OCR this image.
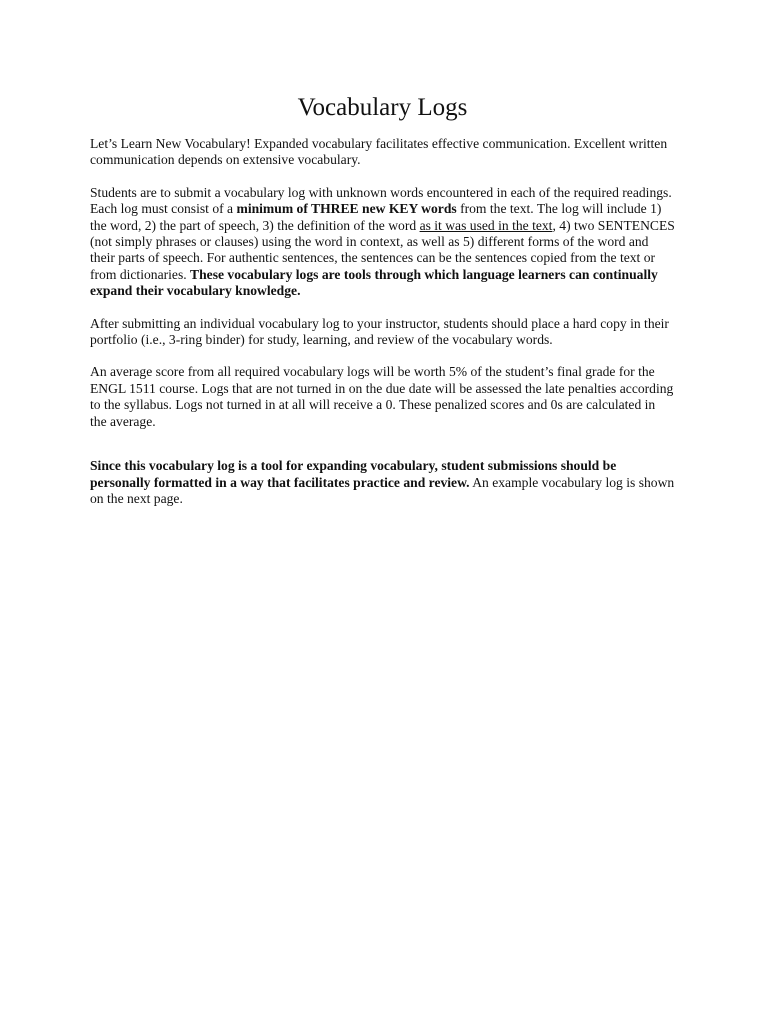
Vocabulary Logs

Let’s Learn New Vocabulary! Expanded vocabulary facilitates effective communication. Excellent written communication depends on extensive vocabulary.

Students are to submit a vocabulary log with unknown words encountered in each of the required readings. Each log must consist of a minimum of THREE new KEY words from the text. The log will include 1) the word, 2) the part of speech, 3) the definition of the word as it was used in the text, 4) two SENTENCES (not simply phrases or clauses) using the word in context, as well as 5) different forms of the word and their parts of speech. For authentic sentences, the sentences can be the sentences copied from the text or from dictionaries. These vocabulary logs are tools through which language learners can continually expand their vocabulary knowledge.

After submitting an individual vocabulary log to your instructor, students should place a hard copy in their portfolio (i.e., 3-ring binder) for study, learning, and review of the vocabulary words.

An average score from all required vocabulary logs will be worth 5% of the student’s final grade for the ENGL 1511 course. Logs that are not turned in on the due date will be assessed the late penalties according to the syllabus. Logs not turned in at all will receive a 0. These penalized scores and 0s are calculated in the average.

Since this vocabulary log is a tool for expanding vocabulary, student submissions should be personally formatted in a way that facilitates practice and review. An example vocabulary log is shown on the next page.
